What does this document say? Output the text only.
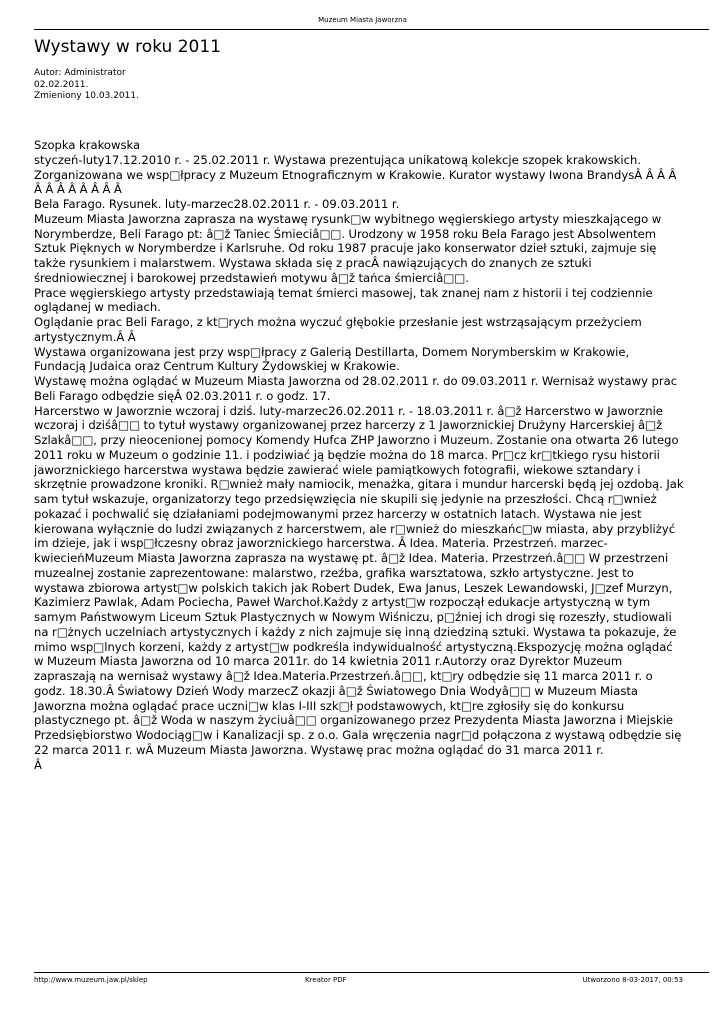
Muzeum Miasta Jaworzna
Wystawy w roku 2011
Autor: Administrator
02.02.2011.
Zmieniony 10.03.2011.

Szopka krakowska

styczeń-luty17.12.2010 r. - 25.02.2011 r. Wystawa prezentująca unikatową kolekcje szopek krakowskich. Zorganizowana we wsp□łpracy z Muzeum Etnograficznym w Krakowie. Kurator wystawy Iwona BrandysÂ Â Â Â Â Â Â Â Â Â Â Â

Bela Farago. Rysunek. luty-marzec28.02.2011 r. - 09.03.2011 r.

Muzeum Miasta Jaworzna zaprasza na wystawę rysunk□w wybitnego węgierskiego artysty mieszkającego w Norymberdze, Beli Farago pt: â□ž Taniec Śmieciâ□□. Urodzony w 1958 roku Bela Farago jest Absolwentem Sztuk Pięknych w Norymberdze i Karlsruhe. Od roku 1987 pracuje jako konserwator dzieł sztuki, zajmuje się także rysunkiem i malarstwem. Wystawa składa się z pracÂ nawiązujących do znanych ze sztuki średniowiecznej i barokowej przedstawień motywu â□ž tańca śmierciâ□□.

Prace węgierskiego artysty przedstawiają temat śmierci masowej, tak znanej nam z historii i tej codziennie oglądanej w mediach.

Oglądanie prac Beli Farago, z kt□rych można wyczuć głębokie przesłanie jest wstrząsającym przeżyciem artystycznym.Â Â

Wystawa organizowana jest przy wsp□łpracy z Galerią Destillarta, Domem Norymberskim w Krakowie, Fundacją Judaica oraz Centrum Kultury Żydowskiej w Krakowie.

Wystawę można oglądać w Muzeum Miasta Jaworzna od 28.02.2011 r. do 09.03.2011 r. Wernisaż wystawy prac Beli Farago odbędzie sięÂ 02.03.2011 r. o godz. 17.

Harcerstwo w Jaworznie wczoraj i dziś. luty-marzec26.02.2011 r. - 18.03.2011 r. â□ž Harcerstwo w Jaworznie wczoraj i dziśâ□□ to tytuł wystawy organizowanej przez harcerzy z 1 Jaworznickiej Drużyny Harcerskiej â□ž Szlakâ□□, przy nieocenionej pomocy Komendy Hufca ZHP Jaworzno i Muzeum. Zostanie ona otwarta 26 lutego 2011 roku w Muzeum o godzinie 11. i podziwiać ją będzie można do 18 marca. Pr□cz kr□tkiego rysu historii jaworznickiego harcerstwa wystawa będzie zawierać wiele pamiątkowych fotografii, wiekowe sztandary i skrzętnie prowadzone kroniki. R□wnież mały namiocik, menażka, gitara i mundur harcerski będą jej ozdobą. Jak sam tytuł wskazuje, organizatorzy tego przedsięwzięcia nie skupili się jedynie na przeszłości. Chcą r□wnież pokazać i pochwalić się działaniami podejmowanymi przez harcerzy w ostatnich latach. Wystawa nie jest kierowana wyłącznie do ludzi związanych z harcerstwem, ale r□wnież do mieszkańc□w miasta, aby przybliżyć im dzieje, jak i wsp□łczesny obraz jaworznickiego harcerstwa. Â Idea. Materia. Przestrzeń. marzec-kwiecieńMuzeum Miasta Jaworzna zaprasza na wystawę pt. â□ž Idea. Materia. Przestrzeń.â□□ W przestrzeni muzealnej zostanie zaprezentowane: malarstwo, rzeźba, grafika warsztatowa, szkło artystyczne. Jest to wystawa zbiorowa artyst□w polskich takich jak Robert Dudek, Ewa Janus, Leszek Lewandowski, J□zef Murzyn, Kazimierz Pawlak, Adam Pociecha, Paweł Warchoł.Każdy z artyst□w rozpoczął edukacje artystyczną w tym samym Państwowym Liceum Sztuk Plastycznych w Nowym Wiśniczu, p□źniej ich drogi się rozeszły, studiowali na r□żnych uczelniach artystycznych i każdy z nich zajmuje się inną dziedziną sztuki. Wystawa ta pokazuje, że mimo wsp□lnych korzeni, każdy z artyst□w podkreśla indywidualność artystyczną.Ekspozycję można oglądać w Muzeum Miasta Jaworzna od 10 marca 2011r. do 14 kwietnia 2011 r.Autorzy oraz Dyrektor Muzeum zapraszają na wernisaż wystawy â□ž Idea.Materia.Przestrzeń.â□□, kt□ry odbędzie się 11 marca 2011 r. o godz. 18.30.Â Światowy Dzień Wody marzecZ okazji â□ž Światowego Dnia Wodyâ□□ w Muzeum Miasta Jaworzna można oglądać prace uczni□w klas I-III szk□ł podstawowych, kt□re zgłosiły się do konkursu plastycznego pt. â□ž Woda w naszym życiuâ□□ organizowanego przez Prezydenta Miasta Jaworzna i Miejskie Przedsiębiorstwo Wodociąg□w i Kanalizacji sp. z o.o. Gala wręczenia nagr□d połączona z wystawą odbędzie się 22 marca 2011 r. wÂ Muzeum Miasta Jaworzna. Wystawę prac można oglądać do 31 marca 2011 r.

Â

http://www.muzeum.jaw.pl/sklep	Kreator PDF	Utworzono 8-03-2017, 00:53
